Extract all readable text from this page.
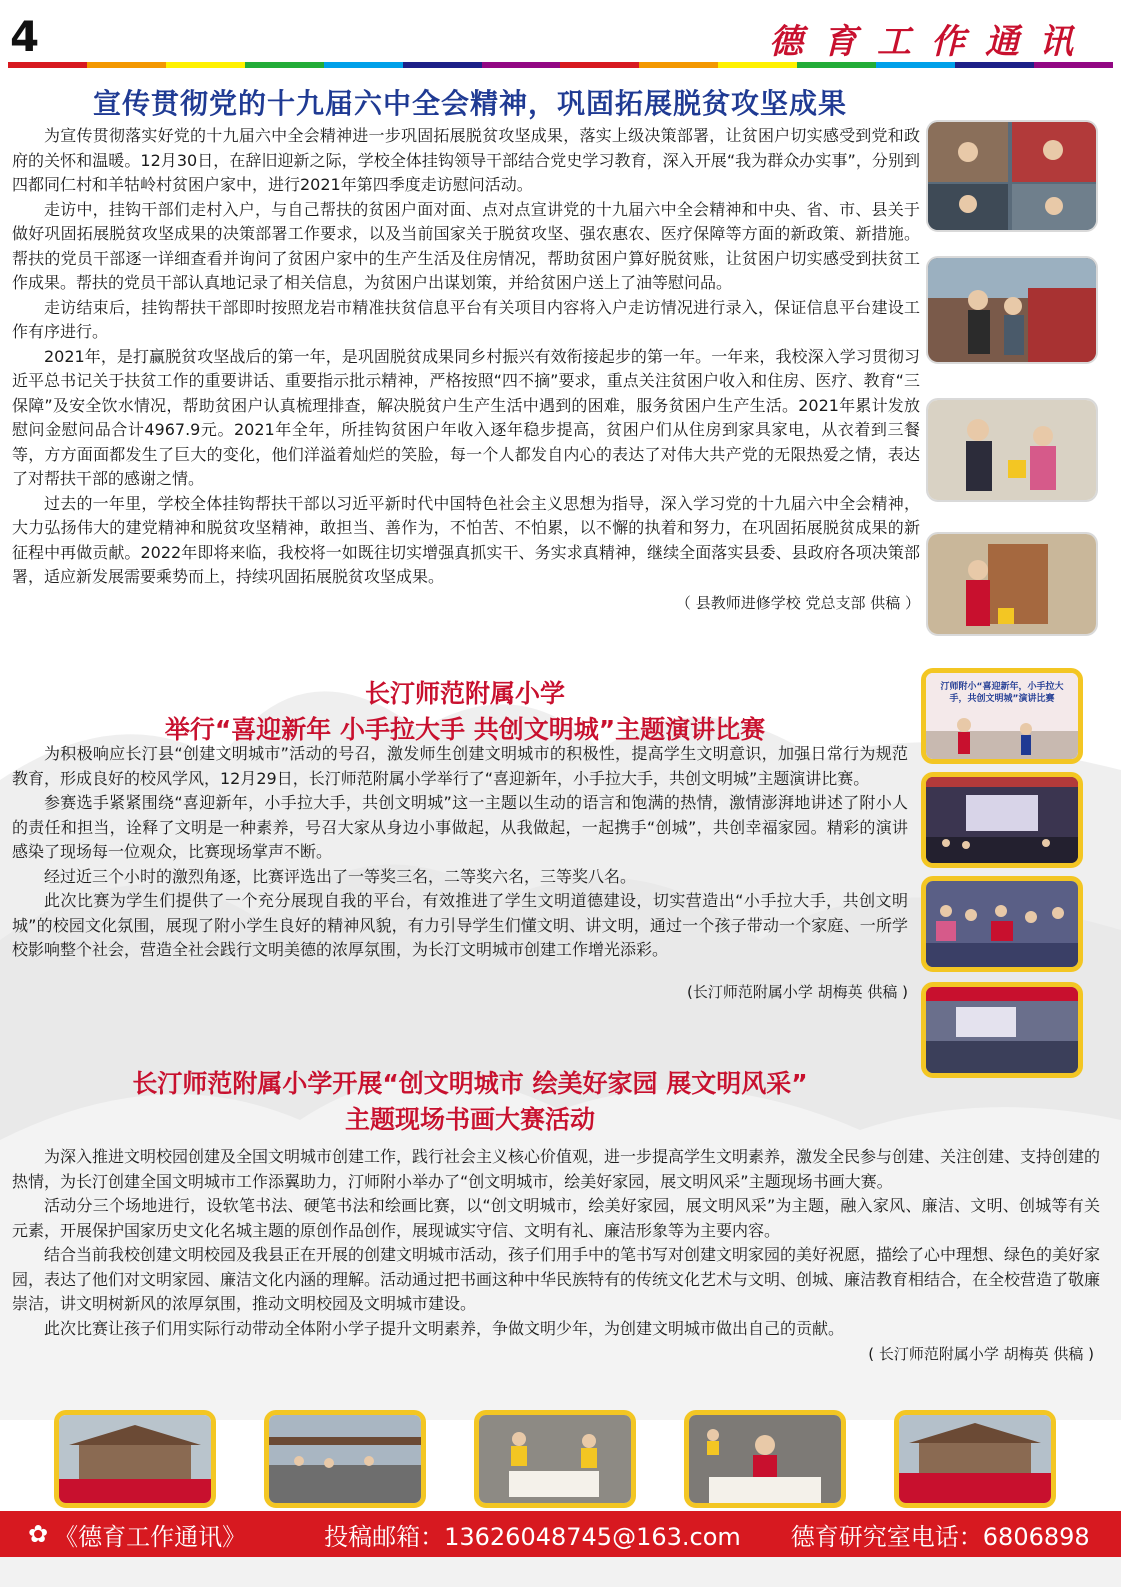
4	德育工作通讯
宣传贯彻党的十九届六中全会精神，巩固拓展脱贫攻坚成果

为宣传贯彻落实好党的十九届六中全会精神进一步巩固拓展脱贫攻坚成果，落实上级决策部署，让贫困户切实感受到党和政府的关怀和温暖。12月30日，在辞旧迎新之际，学校全体挂钩领导干部结合党史学习教育，深入开展“我为群众办实事”，分别到四都同仁村和羊牯岭村贫困户家中，进行2021年第四季度走访慰问活动。

走访中，挂钩干部们走村入户，与自己帮扶的贫困户面对面、点对点宣讲党的十九届六中全会精神和中央、省、市、县关于做好巩固拓展脱贫攻坚成果的决策部署工作要求，以及当前国家关于脱贫攻坚、强农惠农、医疗保障等方面的新政策、新措施。帮扶的党员干部逐一详细查看并询问了贫困户家中的生产生活及住房情况，帮助贫困户算好脱贫账，让贫困户切实感受到扶贫工作成果。帮扶的党员干部认真地记录了相关信息，为贫困户出谋划策，并给贫困户送上了油等慰问品。

走访结束后，挂钩帮扶干部即时按照龙岩市精准扶贫信息平台有关项目内容将入户走访情况进行录入，保证信息平台建设工作有序进行。

2021年，是打赢脱贫攻坚战后的第一年，是巩固脱贫成果同乡村振兴有效衔接起步的第一年。一年来，我校深入学习贯彻习近平总书记关于扶贫工作的重要讲话、重要指示批示精神，严格按照“四不摘”要求，重点关注贫困户收入和住房、医疗、教育“三保障”及安全饮水情况，帮助贫困户认真梳理排查，解决脱贫户生产生活中遇到的困难，服务贫困户生产生活。2021年累计发放慰问金慰问品合计4967.9元。2021年全年，所挂钩贫困户年收入逐年稳步提高，贫困户们从住房到家具家电，从衣着到三餐等，方方面面都发生了巨大的变化，他们洋溢着灿烂的笑脸，每一个人都发自内心的表达了对伟大共产党的无限热爱之情，表达了对帮扶干部的感谢之情。

过去的一年里，学校全体挂钩帮扶干部以习近平新时代中国特色社会主义思想为指导，深入学习党的十九届六中全会精神，大力弘扬伟大的建党精神和脱贫攻坚精神，敢担当、善作为，不怕苦、不怕累，以不懈的执着和努力，在巩固拓展脱贫成果的新征程中再做贡献。2022年即将来临，我校将一如既往切实增强真抓实干、务实求真精神，继续全面落实县委、县政府各项决策部署，适应新发展需要乘势而上，持续巩固拓展脱贫攻坚成果。

（ 县教师进修学校 党总支部 供稿 ）
长汀师范附属小学
举行“喜迎新年 小手拉大手 共创文明城”主题演讲比赛

为积极响应长汀县“创建文明城市”活动的号召，激发师生创建文明城市的积极性，提高学生文明意识，加强日常行为规范教育，形成良好的校风学风，12月29日，长汀师范附属小学举行了“喜迎新年，小手拉大手，共创文明城”主题演讲比赛。

参赛选手紧紧围绕“喜迎新年，小手拉大手，共创文明城”这一主题以生动的语言和饱满的热情，激情澎湃地讲述了附小人的责任和担当，诠释了文明是一种素养，号召大家从身边小事做起，从我做起，一起携手“创城”，共创幸福家园。精彩的演讲感染了现场每一位观众，比赛现场掌声不断。

经过近三个小时的激烈角逐，比赛评选出了一等奖三名，二等奖六名，三等奖八名。

此次比赛为学生们提供了一个充分展现自我的平台，有效推进了学生文明道德建设，切实营造出“小手拉大手，共创文明城”的校园文化氛围，展现了附小学生良好的精神风貌，有力引导学生们懂文明、讲文明，通过一个孩子带动一个家庭、一所学校影响整个社会，营造全社会践行文明美德的浓厚氛围，为长汀文明城市创建工作增光添彩。

(长汀师范附属小学 胡梅英 供稿 )
汀师附小“喜迎新年，小手拉大手，共创文明城”演讲比赛
长汀师范附属小学开展“创文明城市 绘美好家园 展文明风采”
主题现场书画大赛活动

为深入推进文明校园创建及全国文明城市创建工作，践行社会主义核心价值观，进一步提高学生文明素养，激发全民参与创建、关注创建、支持创建的热情，为长汀创建全国文明城市工作添翼助力，汀师附小举办了“创文明城市，绘美好家园，展文明风采”主题现场书画大赛。

活动分三个场地进行，设软笔书法、硬笔书法和绘画比赛，以“创文明城市，绘美好家园，展文明风采”为主题，融入家风、廉洁、文明、创城等有关元素，开展保护国家历史文化名城主题的原创作品创作，展现诚实守信、文明有礼、廉洁形象等为主要内容。

结合当前我校创建文明校园及我县正在开展的创建文明城市活动，孩子们用手中的笔书写对创建文明家园的美好祝愿，描绘了心中理想、绿色的美好家园，表达了他们对文明家园、廉洁文化内涵的理解。活动通过把书画这种中华民族特有的传统文化艺术与文明、创城、廉洁教育相结合，在全校营造了敬廉崇洁，讲文明树新风的浓厚氛围，推动文明校园及文明城市建设。

此次比赛让孩子们用实际行动带动全体附小学子提升文明素养，争做文明少年，为创建文明城市做出自己的贡献。

( 长汀师范附属小学 胡梅英 供稿 )
✿ 《德育工作通讯》	投稿邮箱：13626048745@163.com 德育研究室电话：6806898
